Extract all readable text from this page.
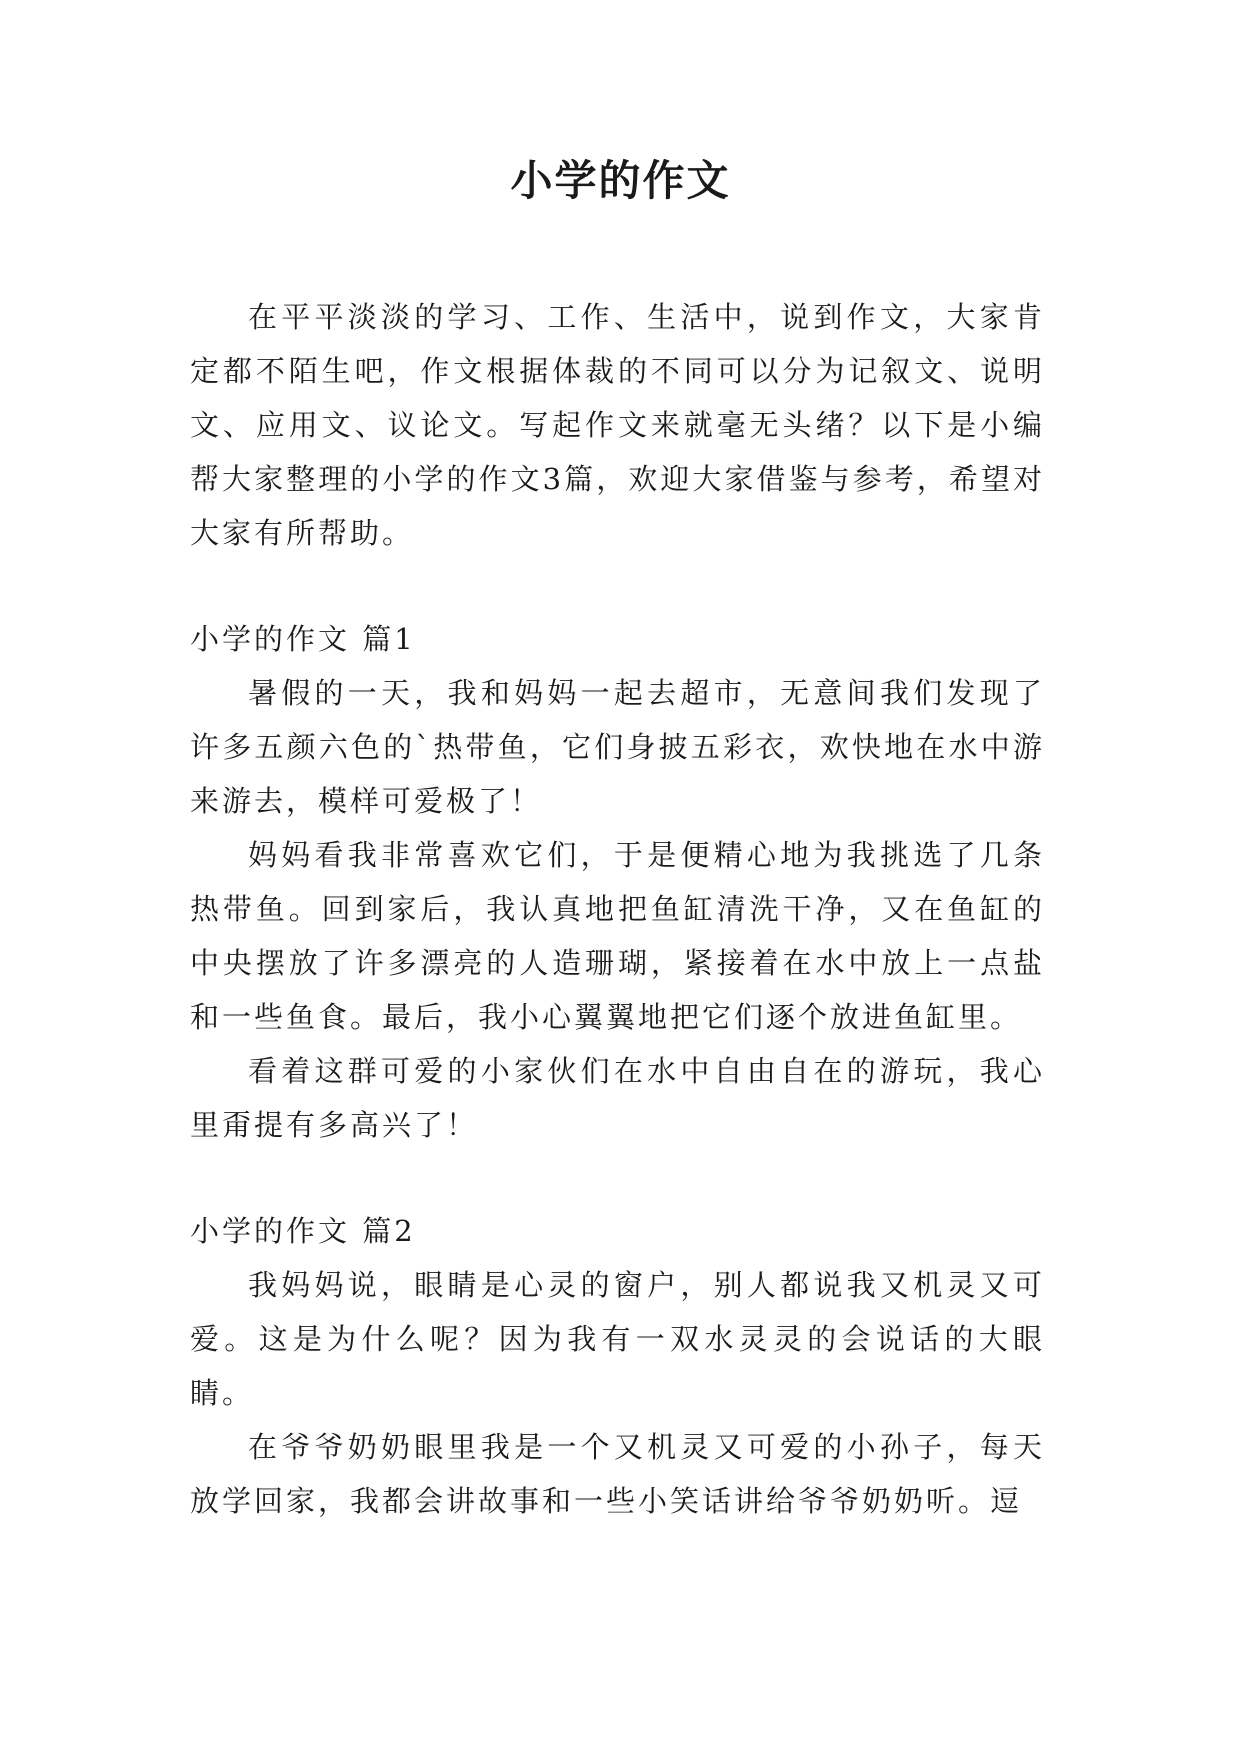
小学的作文

在平平淡淡的学习、工作、生活中，说到作文，大家肯定都不陌生吧，作文根据体裁的不同可以分为记叙文、说明文、应用文、议论文。写起作文来就毫无头绪？以下是小编帮大家整理的小学的作文3篇，欢迎大家借鉴与参考，希望对大家有所帮助。

小学的作文 篇1

暑假的一天，我和妈妈一起去超市，无意间我们发现了许多五颜六色的`热带鱼，它们身披五彩衣，欢快地在水中游来游去，模样可爱极了！

妈妈看我非常喜欢它们，于是便精心地为我挑选了几条热带鱼。回到家后，我认真地把鱼缸清洗干净，又在鱼缸的中央摆放了许多漂亮的人造珊瑚，紧接着在水中放上一点盐和一些鱼食。最后，我小心翼翼地把它们逐个放进鱼缸里。

看着这群可爱的小家伙们在水中自由自在的游玩，我心里甭提有多高兴了！

小学的作文 篇2

我妈妈说，眼睛是心灵的窗户，别人都说我又机灵又可爱。这是为什么呢？因为我有一双水灵灵的会说话的大眼睛。

在爷爷奶奶眼里我是一个又机灵又可爱的小孙子，每天放学回家，我都会讲故事和一些小笑话讲给爷爷奶奶听。逗
